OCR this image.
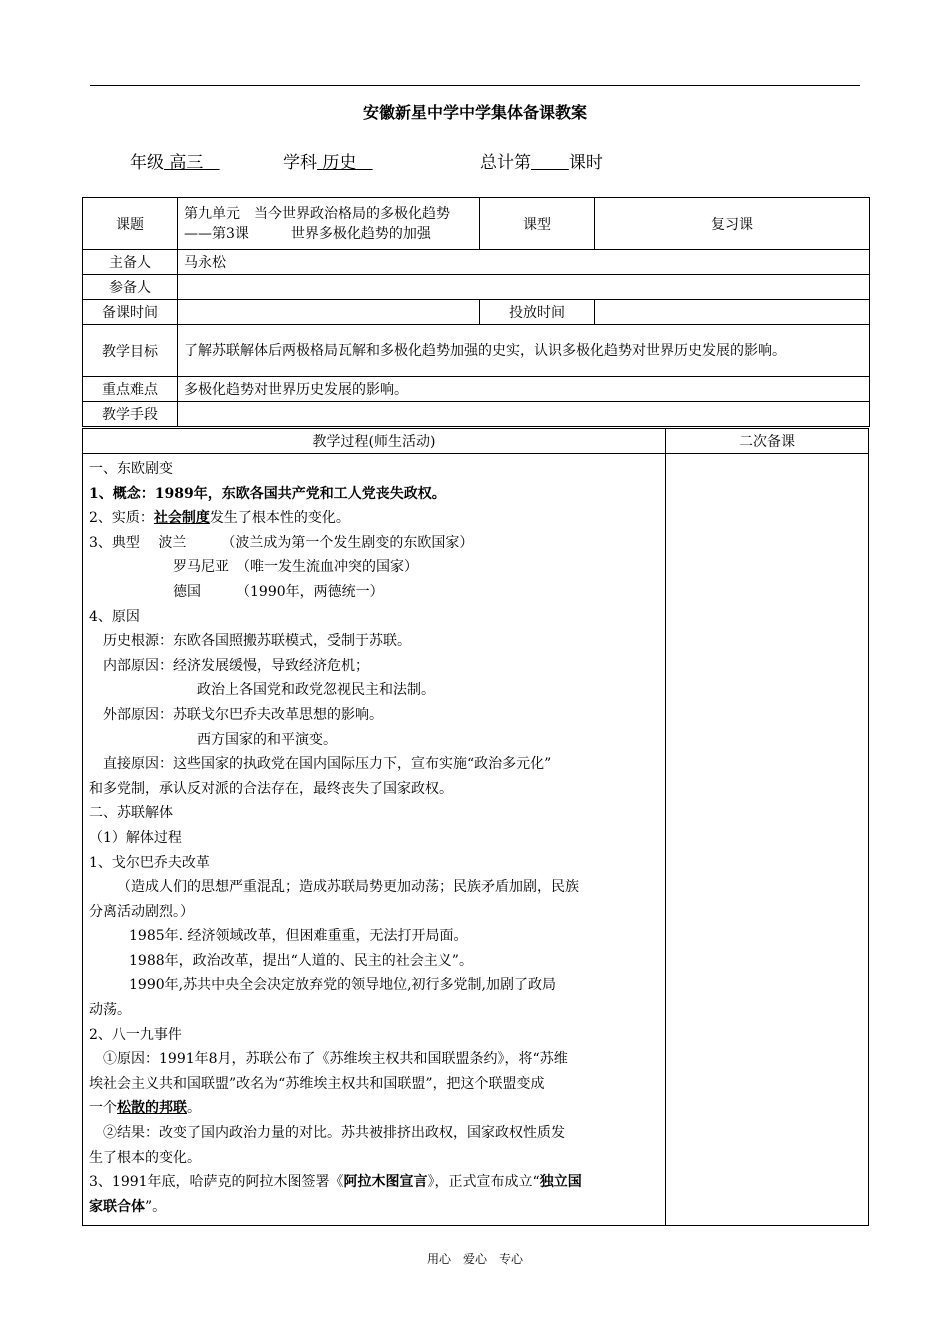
安徽新星中学中学集体备课教案
年级 高三	学科 历史	总计第 课时
课题	第九单元　当今世界政治格局的多极化趋势
——第3课　　　世界多极化趋势的加强	课型	复习课
主备人	马永松		
参备人			
备课时间		投放时间	
教学目标	了解苏联解体后两极格局瓦解和多极化趋势加强的史实，认识多极化趋势对世界历史发展的影响。		
重点难点	多极化趋势对世界历史发展的影响。		
教学手段			
教学过程(师生活动)	二次备课

一、东欧剧变

1、概念：1989年，东欧各国共产党和工人党丧失政权。

2、实质：社会制度发生了根本性的变化。

3、典型　 波兰　　　（波兰成为第一个发生剧变的东欧国家）

罗马尼亚　（唯一发生流血冲突的国家）

德国　　　（1990年，两德统一）

4、原因

历史根源：东欧各国照搬苏联模式，受制于苏联。

内部原因：经济发展缓慢，导致经济危机；

政治上各国党和政党忽视民主和法制。

外部原因：苏联戈尔巴乔夫改革思想的影响。

西方国家的和平演变。

直接原因：这些国家的执政党在国内国际压力下，宣布实施“政治多元化”

和多党制，承认反对派的合法存在，最终丧失了国家政权。

二、苏联解体

（1）解体过程

1、戈尔巴乔夫改革

（造成人们的思想严重混乱；造成苏联局势更加动荡；民族矛盾加剧，民族

分离活动剧烈。）

1985年. 经济领域改革，但困难重重，无法打开局面。

1988年，政治改革，提出“人道的、民主的社会主义”。

1990年,苏共中央全会决定放弃党的领导地位,初行多党制,加剧了政局

动荡。

2、八一九事件

①原因：1991年8月，苏联公布了《苏维埃主权共和国联盟条约》，将“苏维

埃社会主义共和国联盟”改名为“苏维埃主权共和国联盟”，把这个联盟变成

一个松散的邦联。

②结果：改变了国内政治力量的对比。苏共被排挤出政权，国家政权性质发

生了根本的变化。

3、1991年底，哈萨克的阿拉木图签署《阿拉木图宣言》，正式宣布成立“独立国

家联合体”。

用心　爱心　专心
